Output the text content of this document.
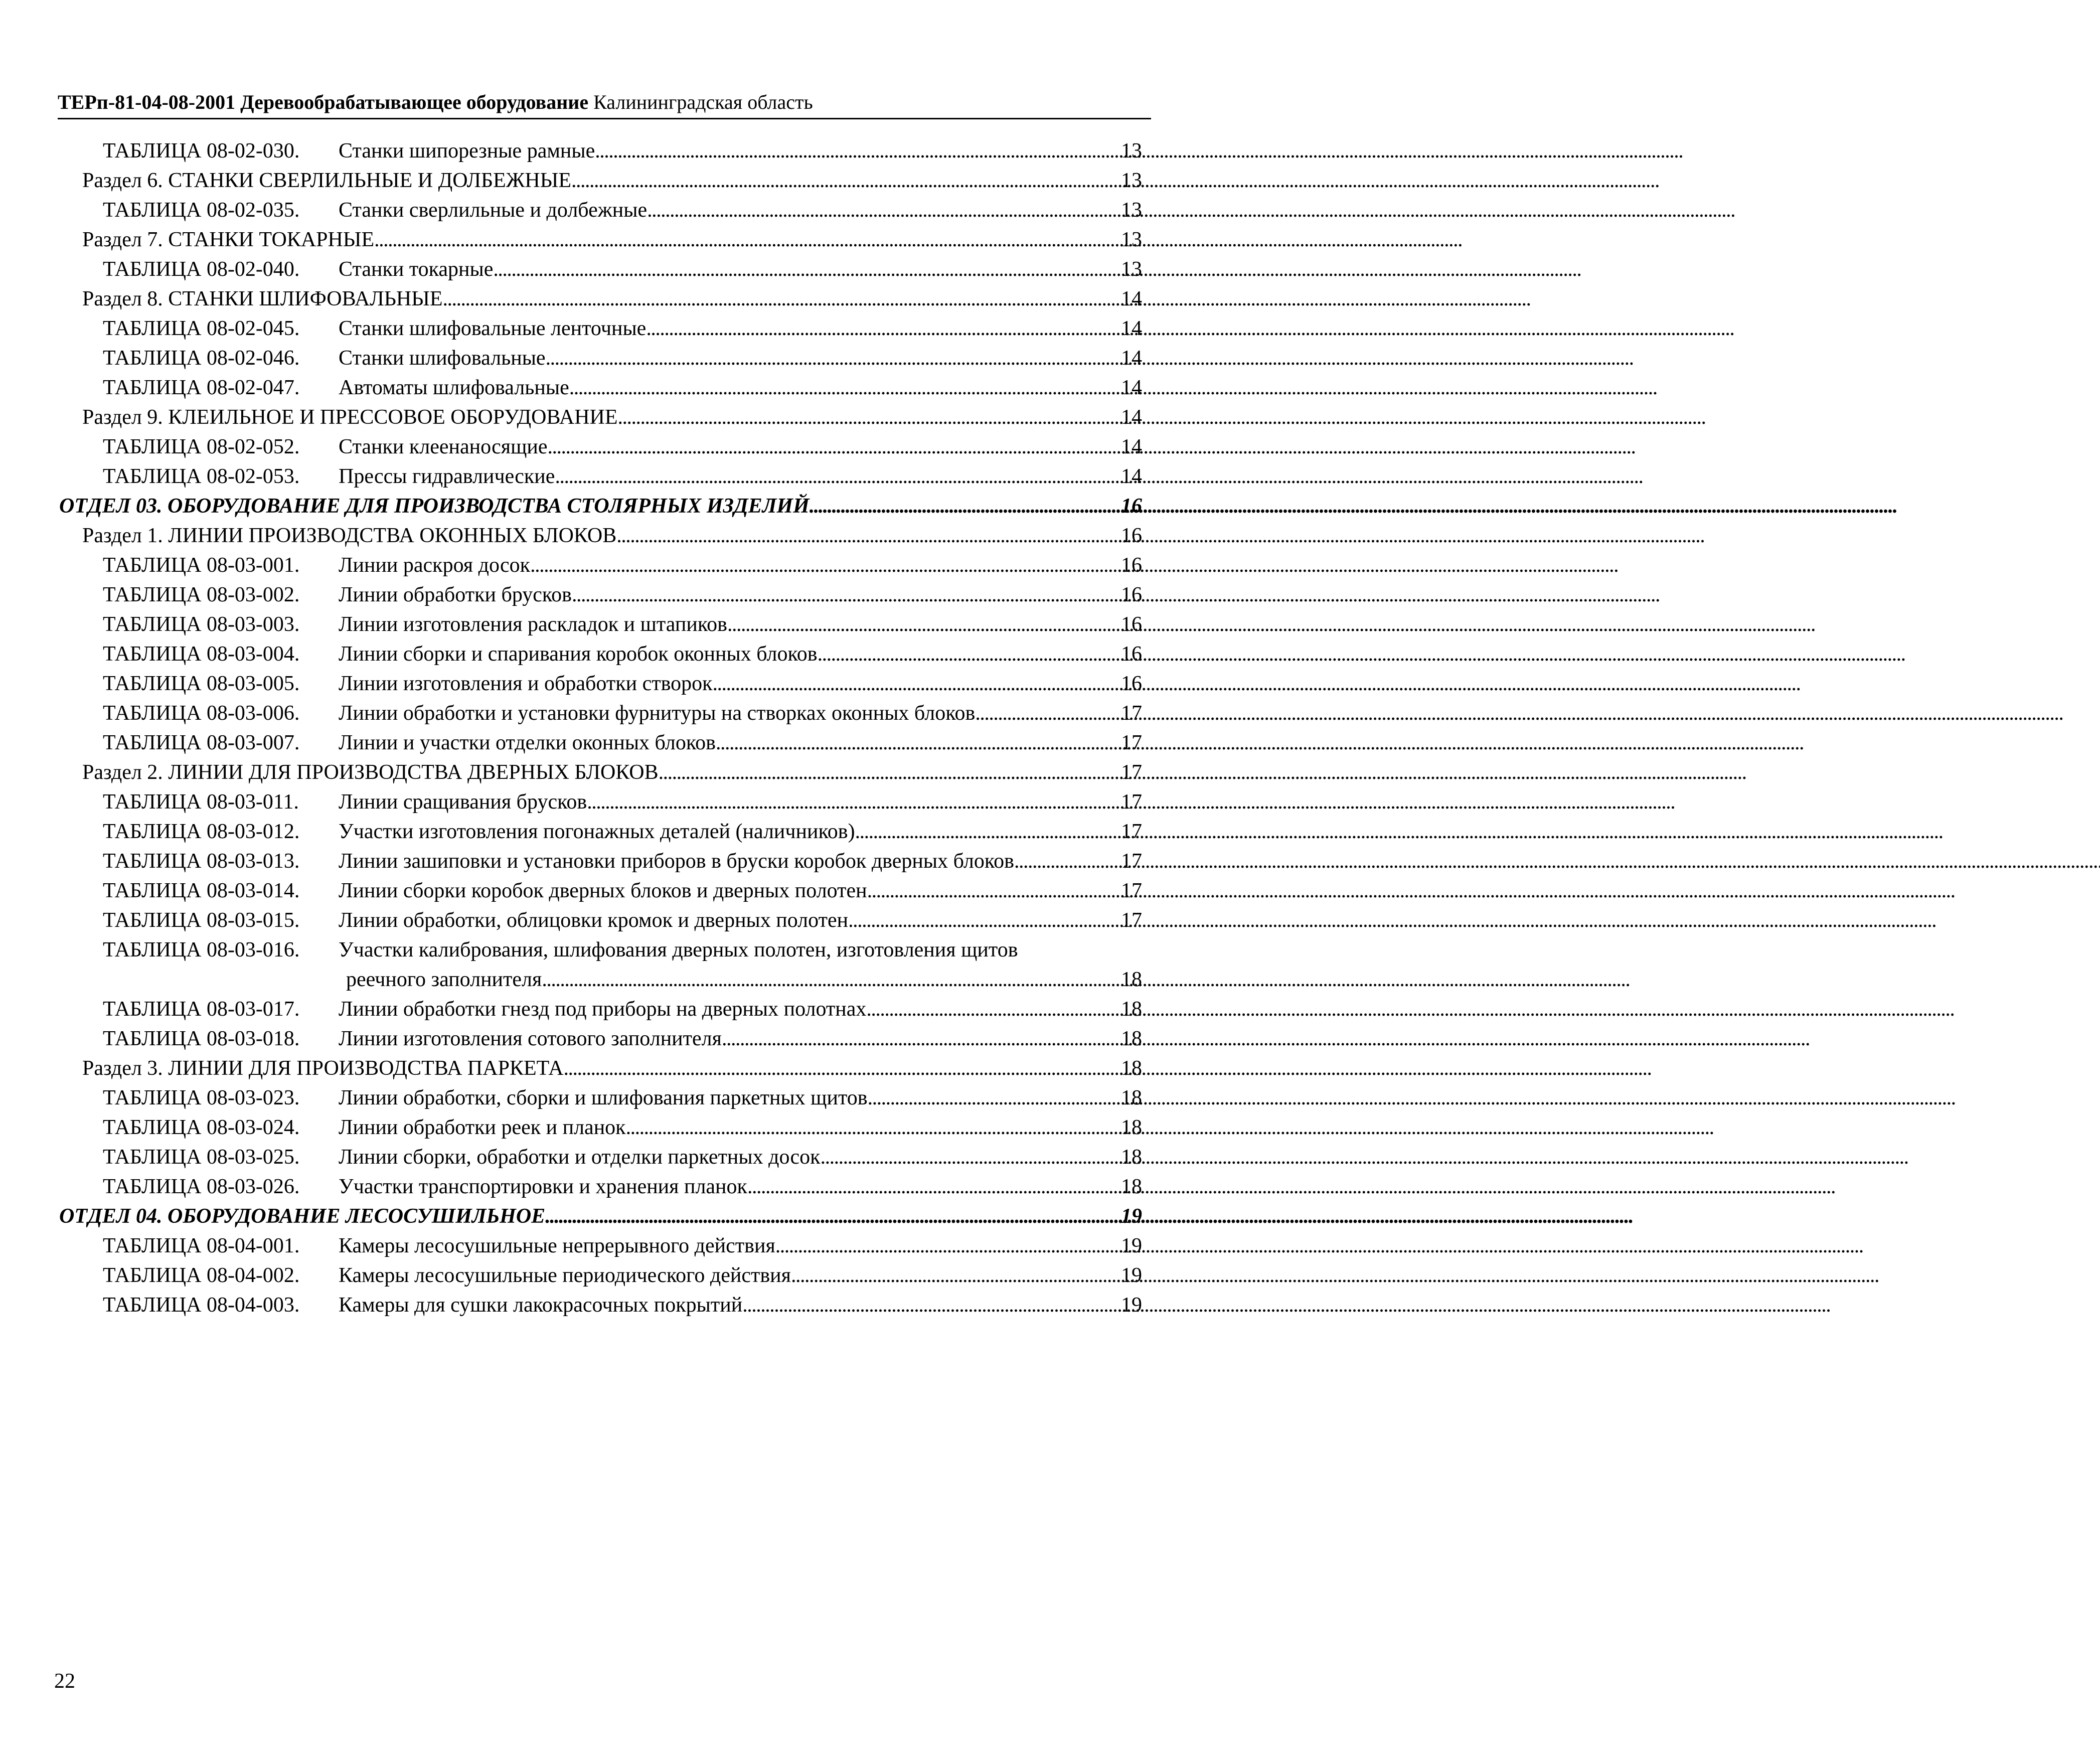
ТЕРп-81-04-08-2001 Деревообрабатывающее оборудование Калининградская область
ТАБЛИЦА 08-02-030.	Станки шипорезные рамные . . .	13
Раздел 6. СТАНКИ СВЕРЛИЛЬНЫЕ И ДОЛБЕЖНЫЕ . . .	13
ТАБЛИЦА 08-02-035.	Станки сверлильные и долбежные . . .	13
Раздел 7. СТАНКИ ТОКАРНЫЕ . . .	13
ТАБЛИЦА 08-02-040.	Станки токарные . . .	13
Раздел 8. СТАНКИ ШЛИФОВАЛЬНЫЕ . . .	14
ТАБЛИЦА 08-02-045.	Станки шлифовальные ленточные . . .	14
ТАБЛИЦА 08-02-046.	Станки шлифовальные . . .	14
ТАБЛИЦА 08-02-047.	Автоматы шлифовальные . . .	14
Раздел 9. КЛЕИЛЬНОЕ И ПРЕССОВОЕ ОБОРУДОВАНИЕ . . .	14
ТАБЛИЦА 08-02-052.	Станки клеенаносящие . . .	14
ТАБЛИЦА 08-02-053.	Прессы гидравлические . . .	14
ОТДЕЛ 03. ОБОРУДОВАНИЕ ДЛЯ ПРОИЗВОДСТВА СТОЛЯРНЫХ ИЗДЕЛИЙ . . .	16
Раздел 1. ЛИНИИ ПРОИЗВОДСТВА ОКОННЫХ БЛОКОВ . . .	16
ТАБЛИЦА 08-03-001.	Линии раскроя досок . . .	16
ТАБЛИЦА 08-03-002.	Линии обработки брусков . . .	16
ТАБЛИЦА 08-03-003.	Линии изготовления раскладок и штапиков . . .	16
ТАБЛИЦА 08-03-004.	Линии сборки и спаривания коробок оконных блоков . . .	16
ТАБЛИЦА 08-03-005.	Линии изготовления и обработки створок . . .	16
ТАБЛИЦА 08-03-006.	Линии обработки и установки фурнитуры на створках оконных блоков . . .	17
ТАБЛИЦА 08-03-007.	Линии и участки отделки оконных блоков . . .	17
Раздел 2. ЛИНИИ ДЛЯ ПРОИЗВОДСТВА ДВЕРНЫХ БЛОКОВ . . .	17
ТАБЛИЦА 08-03-011.	Линии сращивания брусков . . .	17
ТАБЛИЦА 08-03-012.	Участки изготовления погонажных деталей (наличников) . . .	17
ТАБЛИЦА 08-03-013.	Линии зашиповки и установки приборов в бруски коробок дверных блоков . . .	17
ТАБЛИЦА 08-03-014.	Линии сборки коробок дверных блоков и дверных полотен . . .	17
ТАБЛИЦА 08-03-015.	Линии обработки, облицовки кромок и дверных полотен . . .	17
ТАБЛИЦА 08-03-016.	Участки калибрования, шлифования дверных полотен, изготовления щитов
реечного заполнителя . . .	18
ТАБЛИЦА 08-03-017.	Линии обработки гнезд под приборы на дверных полотнах . . .	18
ТАБЛИЦА 08-03-018.	Линии изготовления сотового заполнителя . . .	18
Раздел 3. ЛИНИИ ДЛЯ ПРОИЗВОДСТВА ПАРКЕТА . . .	18
ТАБЛИЦА 08-03-023.	Линии обработки, сборки и шлифования паркетных щитов . . .	18
ТАБЛИЦА 08-03-024.	Линии обработки реек и планок . . .	18
ТАБЛИЦА 08-03-025.	Линии сборки, обработки и отделки паркетных досок . . .	18
ТАБЛИЦА 08-03-026.	Участки транспортировки и хранения планок . . .	18
ОТДЕЛ 04. ОБОРУДОВАНИЕ ЛЕСОСУШИЛЬНОЕ . . .	19
ТАБЛИЦА 08-04-001.	Камеры лесосушильные непрерывного действия . . .	19
ТАБЛИЦА 08-04-002.	Камеры лесосушильные периодического действия . . .	19
ТАБЛИЦА 08-04-003.	Камеры для сушки лакокрасочных покрытий . . .	19
22
